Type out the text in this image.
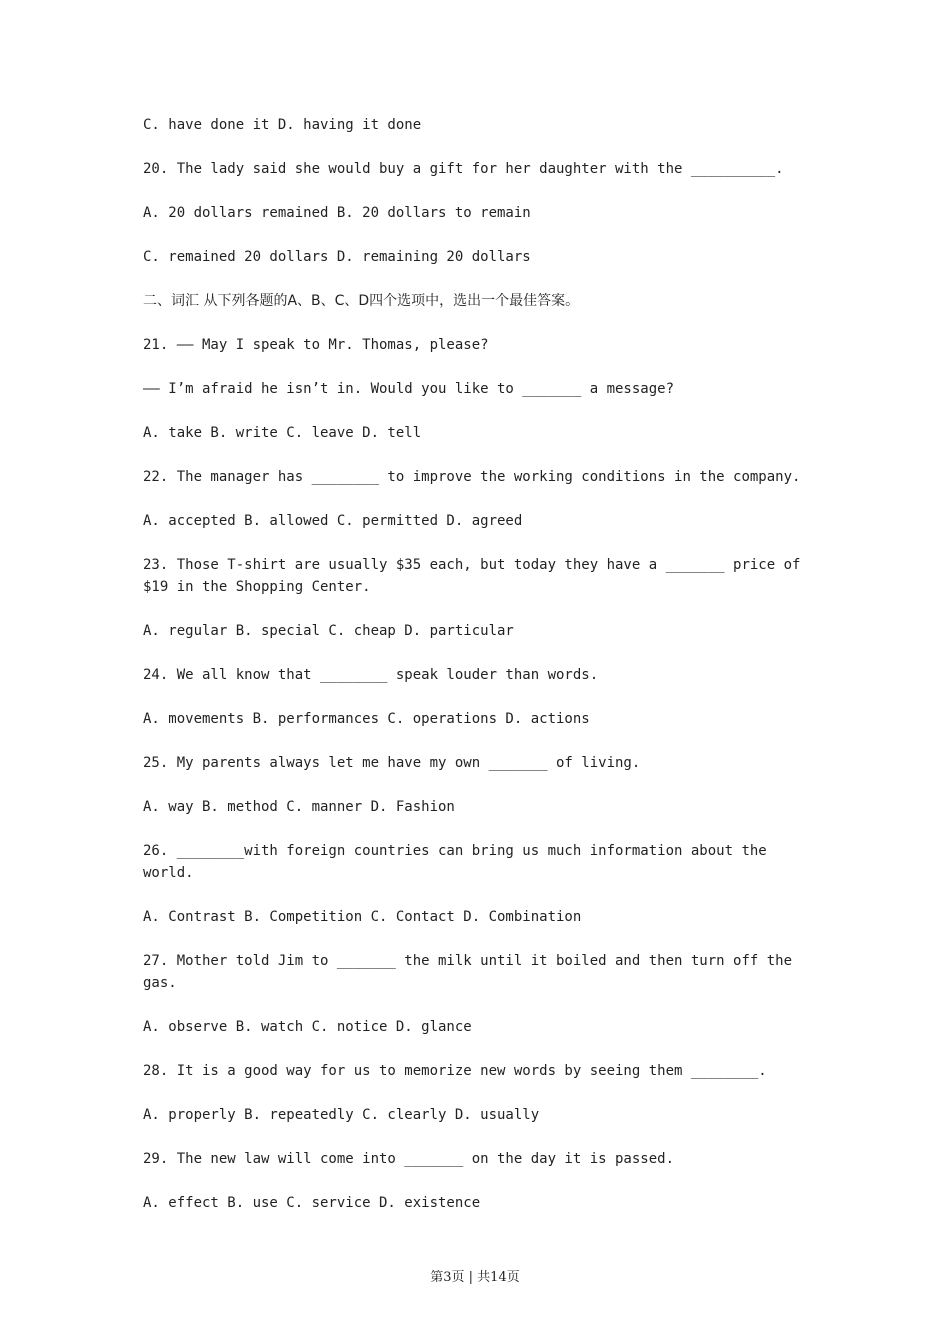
C. have done it D. having it done

20. The lady said she would buy a gift for her daughter with the __________.

A. 20 dollars remained B. 20 dollars to remain

C. remained 20 dollars D. remaining 20 dollars

二、词汇 从下列各题的A、B、C、D四个选项中，选出一个最佳答案。

21. —— May I speak to Mr. Thomas, please?

—— I’m afraid he isn’t in. Would you like to _______ a message?

A. take B. write C. leave D. tell

22. The manager has ________ to improve the working conditions in the company.

A. accepted B. allowed C. permitted D. agreed

23. Those T-shirt are usually $35 each, but today they have a _______ price of $19 in the Shopping Center.

A. regular B. special C. cheap D. particular

24. We all know that ________ speak louder than words.

A. movements B. performances C. operations D. actions

25. My parents always let me have my own _______ of living.

A. way B. method C. manner D. Fashion

26. ________with foreign countries can bring us much information about the world.

A. Contrast B. Competition C. Contact D. Combination

27. Mother told Jim to _______ the milk until it boiled and then turn off the gas.

A. observe B. watch C. notice D. glance

28. It is a good way for us to memorize new words by seeing them ________.

A. properly B. repeatedly C. clearly D. usually

29. The new law will come into _______ on the day it is passed.

A. effect B. use C. service D. existence

第3页 | 共14页
